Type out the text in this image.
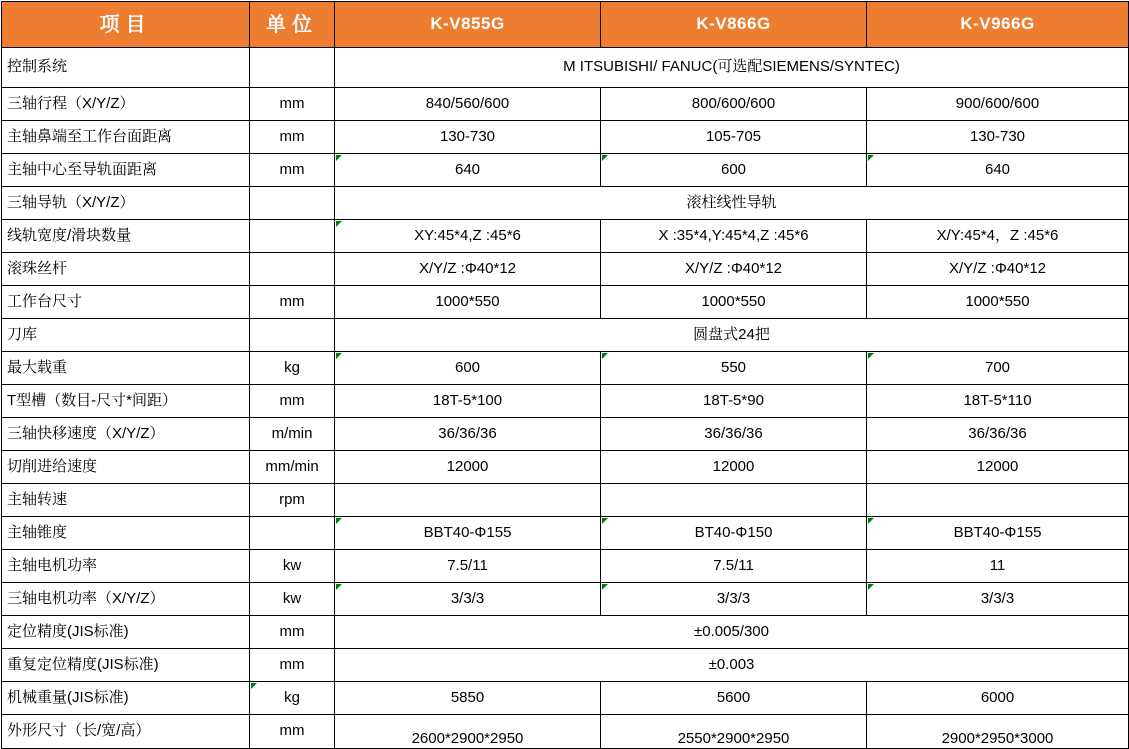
项目	单位	K-V855G	K-V866G	K-V966G
控制系统		M ITSUBISHI/ FANUC(可选配SIEMENS/SYNTEC)		
三轴行程（X/Y/Z）	mm	840/560/600	800/600/600	900/600/600
主轴鼻端至工作台面距离	mm	130-730	105-705	130-730
主轴中心至导轨面距离	mm	640	600	640
三轴导轨（X/Y/Z）		滚柱线性导轨		
线轨宽度/滑块数量		XY:45*4,Z :45*6	X :35*4,Y:45*4,Z :45*6	X/Y:45*4，Z :45*6
滚珠丝杆		X/Y/Z :Φ40*12	X/Y/Z :Φ40*12	X/Y/Z :Φ40*12
工作台尺寸	mm	1000*550	1000*550	1000*550
刀库		圆盘式24把		
最大载重	kg	600	550	700
T型槽（数目-尺寸*间距）	mm	18T-5*100	18T-5*90	18T-5*110
三轴快移速度（X/Y/Z）	m/min	36/36/36	36/36/36	36/36/36
切削进给速度	mm/min	12000	12000	12000
主轴转速	rpm			
主轴锥度		BBT40-Φ155	BT40-Φ150	BBT40-Φ155
主轴电机功率	kw	7.5/11	7.5/11	11
三轴电机功率（X/Y/Z）	kw	3/3/3	3/3/3	3/3/3
定位精度(JIS标准)	mm	±0.005/300		
重复定位精度(JIS标准)	mm	±0.003		
机械重量(JIS标准)	kg	5850	5600	6000
外形尺寸（长/宽/高）	mm	2600*2900*2950	2550*2900*2950	2900*2950*3000
